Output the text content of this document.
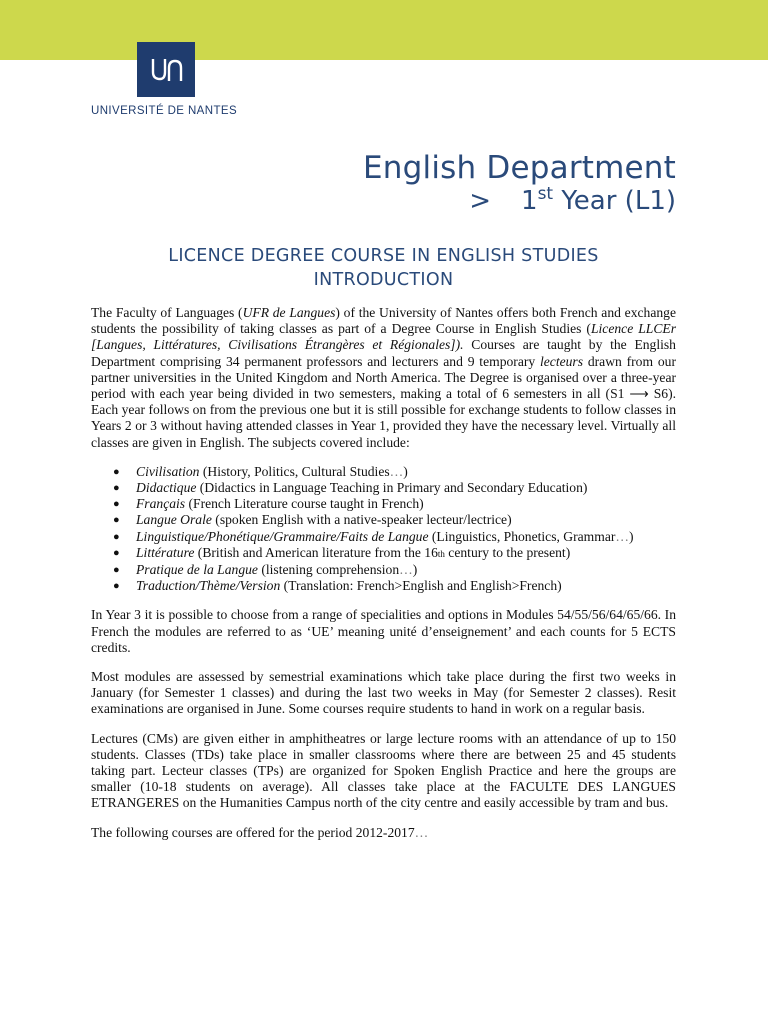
UNIVERSITÉ DE NANTES
English Department
> 1st Year (L1)
LICENCE DEGREE COURSE IN ENGLISH STUDIES
INTRODUCTION

The Faculty of Languages (UFR de Langues) of the University of Nantes offers both French and exchange students the possibility of taking classes as part of a Degree Course in English Studies (Licence LLCEr [Langues, Littératures, Civilisations Étrangères et Régionales]). Courses are taught by the English Department comprising 34 permanent professors and lecturers and 9 temporary lecteurs drawn from our partner universities in the United Kingdom and North America. The Degree is organised over a three-year period with each year being divided in two semesters, making a total of 6 semesters in all (S1 ⟶ S6). Each year follows on from the previous one but it is still possible for exchange students to follow classes in Years 2 or 3 without having attended classes in Year 1, provided they have the necessary level. Virtually all classes are given in English. The subjects covered include:

● Civilisation (History, Politics, Cultural Studies…)
● Didactique (Didactics in Language Teaching in Primary and Secondary Education)
● Français (French Literature course taught in French)
● Langue Orale (spoken English with a native-speaker lecteur/lectrice)
● Linguistique/Phonétique/Grammaire/Faits de Langue (Linguistics, Phonetics, Grammar…)
● Littérature (British and American literature from the 16th century to the present)
● Pratique de la Langue (listening comprehension…)
● Traduction/Thème/Version (Translation: French>English and English>French)

In Year 3 it is possible to choose from a range of specialities and options in Modules 54/55/56/64/65/66. In French the modules are referred to as ‘UE’ meaning unité d’enseignement’ and each counts for 5 ECTS credits.

Most modules are assessed by semestrial examinations which take place during the first two weeks in January (for Semester 1 classes) and during the last two weeks in May (for Semester 2 classes). Resit examinations are organised in June. Some courses require students to hand in work on a regular basis.

Lectures (CMs) are given either in amphitheatres or large lecture rooms with an attendance of up to 150 students. Classes (TDs) take place in smaller classrooms where there are between 25 and 45 students taking part. Lecteur classes (TPs) are organized for Spoken English Practice and here the groups are smaller (10-18 students on average). All classes take place at the FACULTE DES LANGUES ETRANGERES on the Humanities Campus north of the city centre and easily accessible by tram and bus.

The following courses are offered for the period 2012-2017…
